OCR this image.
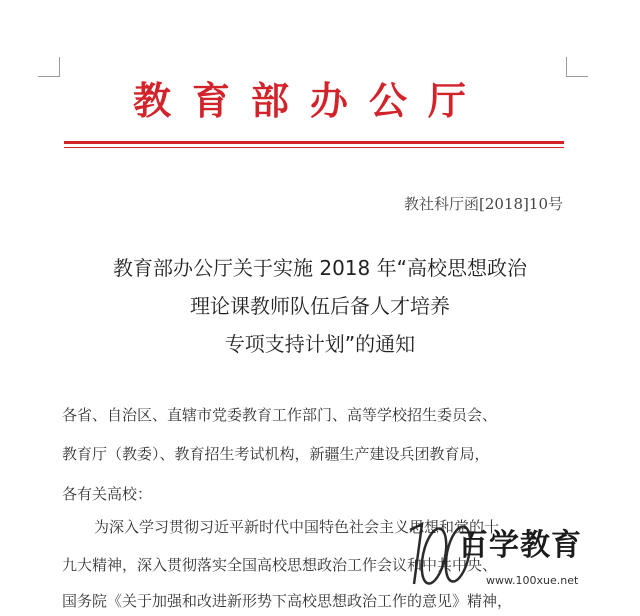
教育部办公厅
教社科厅函[2018]10号
教育部办公厅关于实施 2018 年“高校思想政治
理论课教师队伍后备人才培养
专项支持计划”的通知
各省、自治区、直辖市党委教育工作部门、高等学校招生委员会、
教育厅（教委）、教育招生考试机构，新疆生产建设兵团教育局，
各有关高校：
为深入学习贯彻习近平新时代中国特色社会主义思想和党的十
九大精神，深入贯彻落实全国高校思想政治工作会议和中共中央、
国务院《关于加强和改进新形势下高校思想政治工作的意见》精神，
百学教育
www.100xue.net
